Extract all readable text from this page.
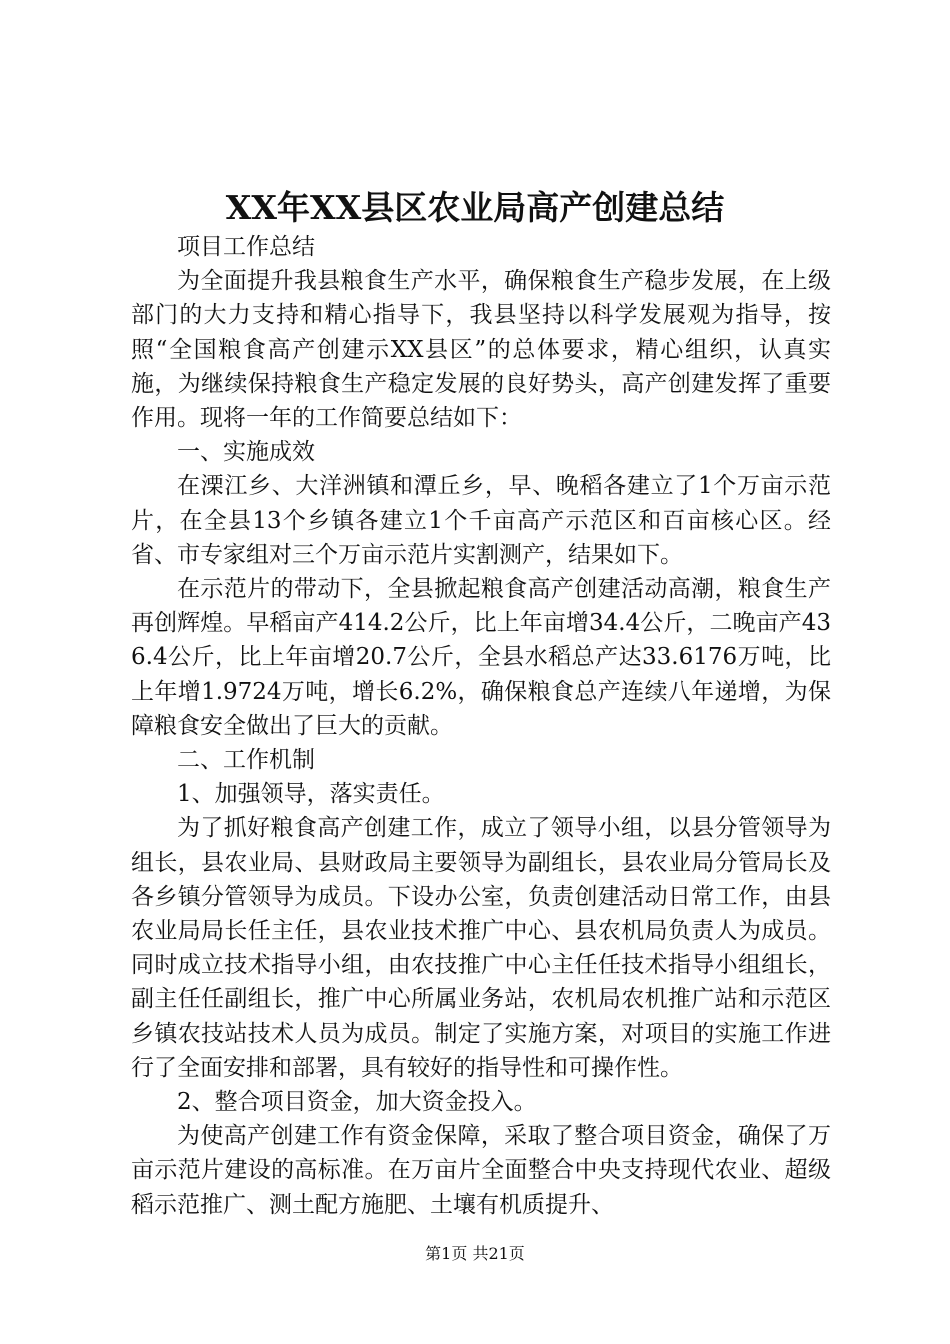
XX年XX县区农业局高产创建总结

项目工作总结

为全面提升我县粮食生产水平，确保粮食生产稳步发展，在上级部门的大力支持和精心指导下，我县坚持以科学发展观为指导，按照“全国粮食高产创建示XX县区”的总体要求，精心组织，认真实施，为继续保持粮食生产稳定发展的良好势头，高产创建发挥了重要作用。现将一年的工作简要总结如下：

一、实施成效

在溧江乡、大洋洲镇和潭丘乡，早、晚稻各建立了1个万亩示范片，在全县13个乡镇各建立1个千亩高产示范区和百亩核心区。经省、市专家组对三个万亩示范片实割测产，结果如下。

在示范片的带动下，全县掀起粮食高产创建活动高潮，粮食生产再创辉煌。早稻亩产414.2公斤，比上年亩增34.4公斤，二晚亩产436.4公斤，比上年亩增20.7公斤，全县水稻总产达33.6176万吨，比上年增1.9724万吨，增长6.2%，确保粮食总产连续八年递增，为保障粮食安全做出了巨大的贡献。

二、工作机制

1、加强领导，落实责任。

为了抓好粮食高产创建工作，成立了领导小组，以县分管领导为组长，县农业局、县财政局主要领导为副组长，县农业局分管局长及各乡镇分管领导为成员。下设办公室，负责创建活动日常工作，由县农业局局长任主任，县农业技术推广中心、县农机局负责人为成员。同时成立技术指导小组，由农技推广中心主任任技术指导小组组长，副主任任副组长，推广中心所属业务站，农机局农机推广站和示范区乡镇农技站技术人员为成员。制定了实施方案，对项目的实施工作进行了全面安排和部署，具有较好的指导性和可操作性。

2、整合项目资金，加大资金投入。

为使高产创建工作有资金保障，采取了整合项目资金，确保了万亩示范片建设的高标准。在万亩片全面整合中央支持现代农业、超级稻示范推广、测土配方施肥、土壤有机质提升、

第1页 共21页
